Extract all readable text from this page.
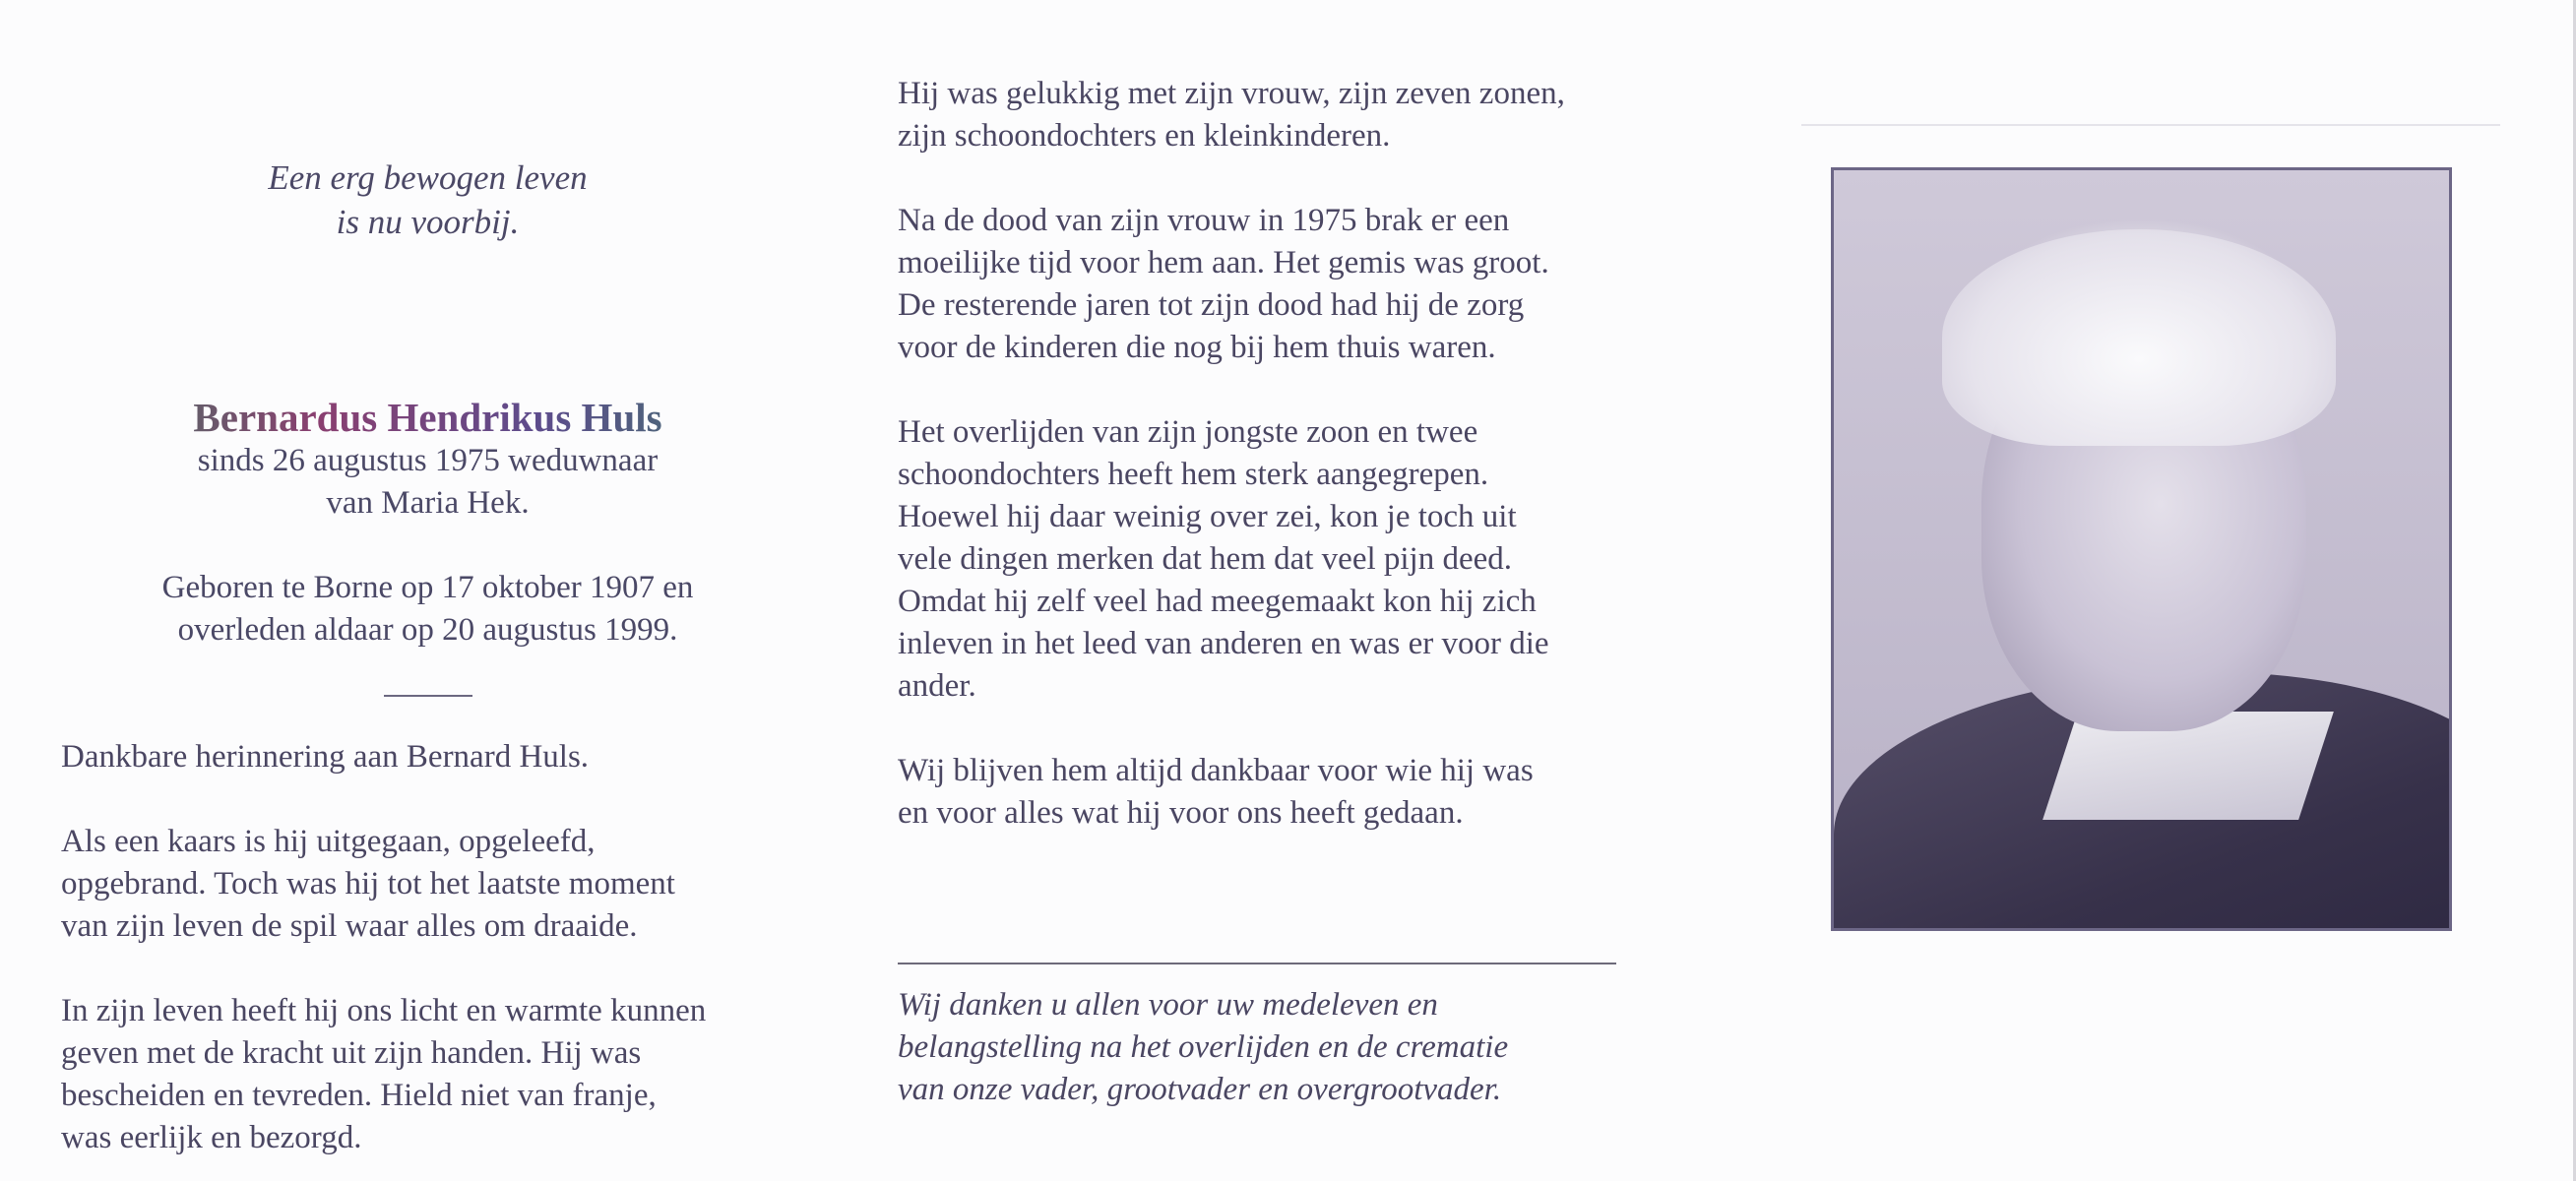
Een erg bewogen leven
is nu voorbij.
Bernardus Hendrikus Huls
sinds 26 augustus 1975 weduwnaar
van Maria Hek.
Geboren te Borne op 17 oktober 1907 en
overleden aldaar op 20 augustus 1999.
Dankbare herinnering aan Bernard Huls.
Als een kaars is hij uitgegaan, opgeleefd,
opgebrand. Toch was hij tot het laatste moment
van zijn leven de spil waar alles om draaide.
In zijn leven heeft hij ons licht en warmte kunnen
geven met de kracht uit zijn handen. Hij was
bescheiden en tevreden. Hield niet van franje,
was eerlijk en bezorgd.
Hij was gelukkig met zijn vrouw, zijn zeven zonen,
zijn schoondochters en kleinkinderen.
Na de dood van zijn vrouw in 1975 brak er een
moeilijke tijd voor hem aan. Het gemis was groot.
De resterende jaren tot zijn dood had hij de zorg
voor de kinderen die nog bij hem thuis waren.
Het overlijden van zijn jongste zoon en twee
schoondochters heeft hem sterk aangegrepen.
Hoewel hij daar weinig over zei, kon je toch uit
vele dingen merken dat hem dat veel pijn deed.
Omdat hij zelf veel had meegemaakt kon hij zich
inleven in het leed van anderen en was er voor die
ander.
Wij blijven hem altijd dankbaar voor wie hij was
en voor alles wat hij voor ons heeft gedaan.
Wij danken u allen voor uw medeleven en
belangstelling na het overlijden en de crematie
van onze vader, grootvader en overgrootvader.
